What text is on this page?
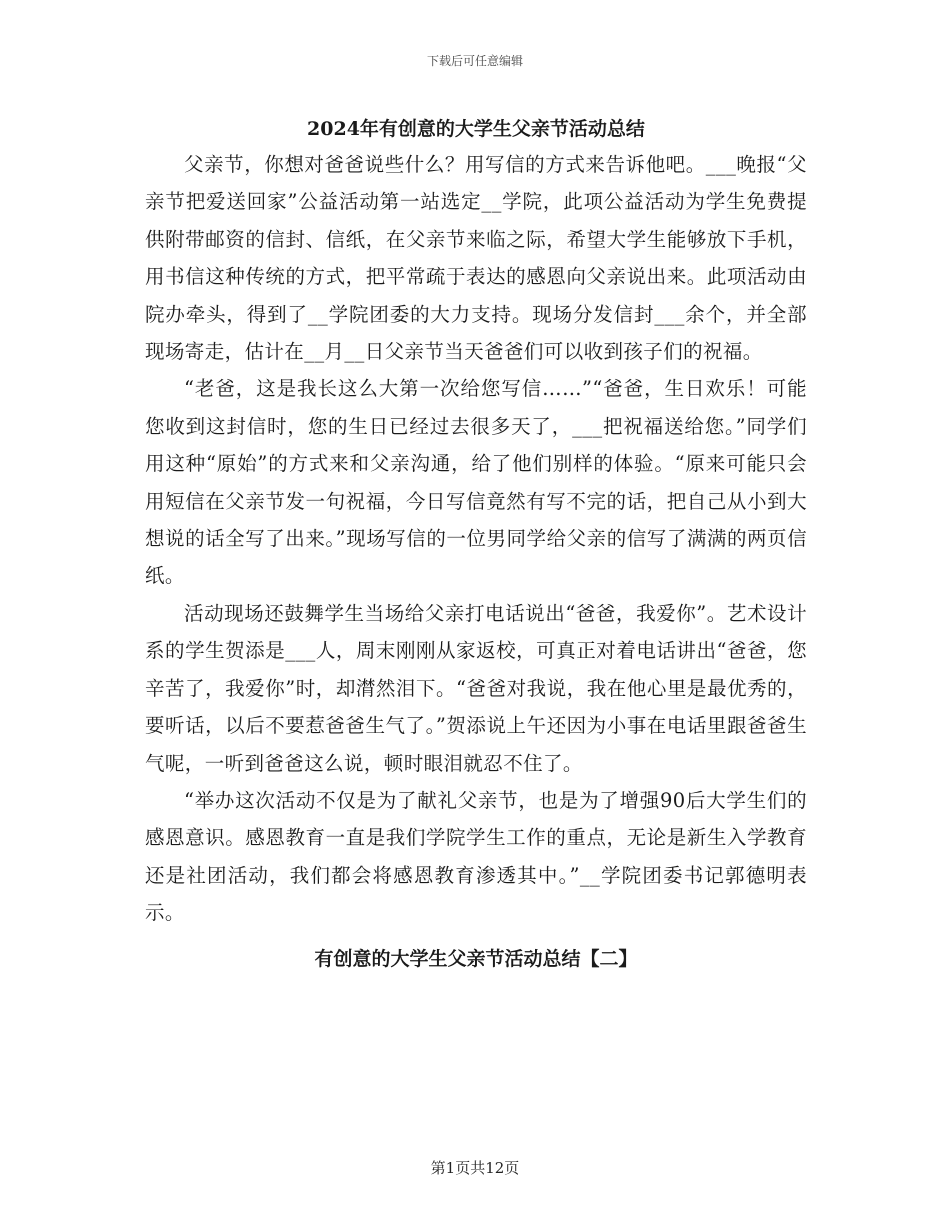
下载后可任意编辑
2024年有创意的大学生父亲节活动总结

父亲节，你想对爸爸说些什么？用写信的方式来告诉他吧。___晚报“父亲节把爱送回家”公益活动第一站选定__学院，此项公益活动为学生免费提供附带邮资的信封、信纸，在父亲节来临之际，希望大学生能够放下手机，用书信这种传统的方式，把平常疏于表达的感恩向父亲说出来。此项活动由院办牵头，得到了__学院团委的大力支持。现场分发信封___余个，并全部现场寄走，估计在__月__日父亲节当天爸爸们可以收到孩子们的祝福。

“老爸，这是我长这么大第一次给您写信……”“爸爸，生日欢乐！可能您收到这封信时，您的生日已经过去很多天了，___把祝福送给您。”同学们用这种“原始”的方式来和父亲沟通，给了他们别样的体验。“原来可能只会用短信在父亲节发一句祝福，今日写信竟然有写不完的话，把自己从小到大想说的话全写了出来。”现场写信的一位男同学给父亲的信写了满满的两页信纸。

活动现场还鼓舞学生当场给父亲打电话说出“爸爸，我爱你”。艺术设计系的学生贺添是___人，周末刚刚从家返校，可真正对着电话讲出“爸爸，您辛苦了，我爱你”时，却潸然泪下。“爸爸对我说，我在他心里是最优秀的，要听话，以后不要惹爸爸生气了。”贺添说上午还因为小事在电话里跟爸爸生气呢，一听到爸爸这么说，顿时眼泪就忍不住了。

“举办这次活动不仅是为了献礼父亲节，也是为了增强90后大学生们的感恩意识。感恩教育一直是我们学院学生工作的重点，无论是新生入学教育还是社团活动，我们都会将感恩教育渗透其中。”__学院团委书记郭德明表示。

有创意的大学生父亲节活动总结【二】
第1页共12页
